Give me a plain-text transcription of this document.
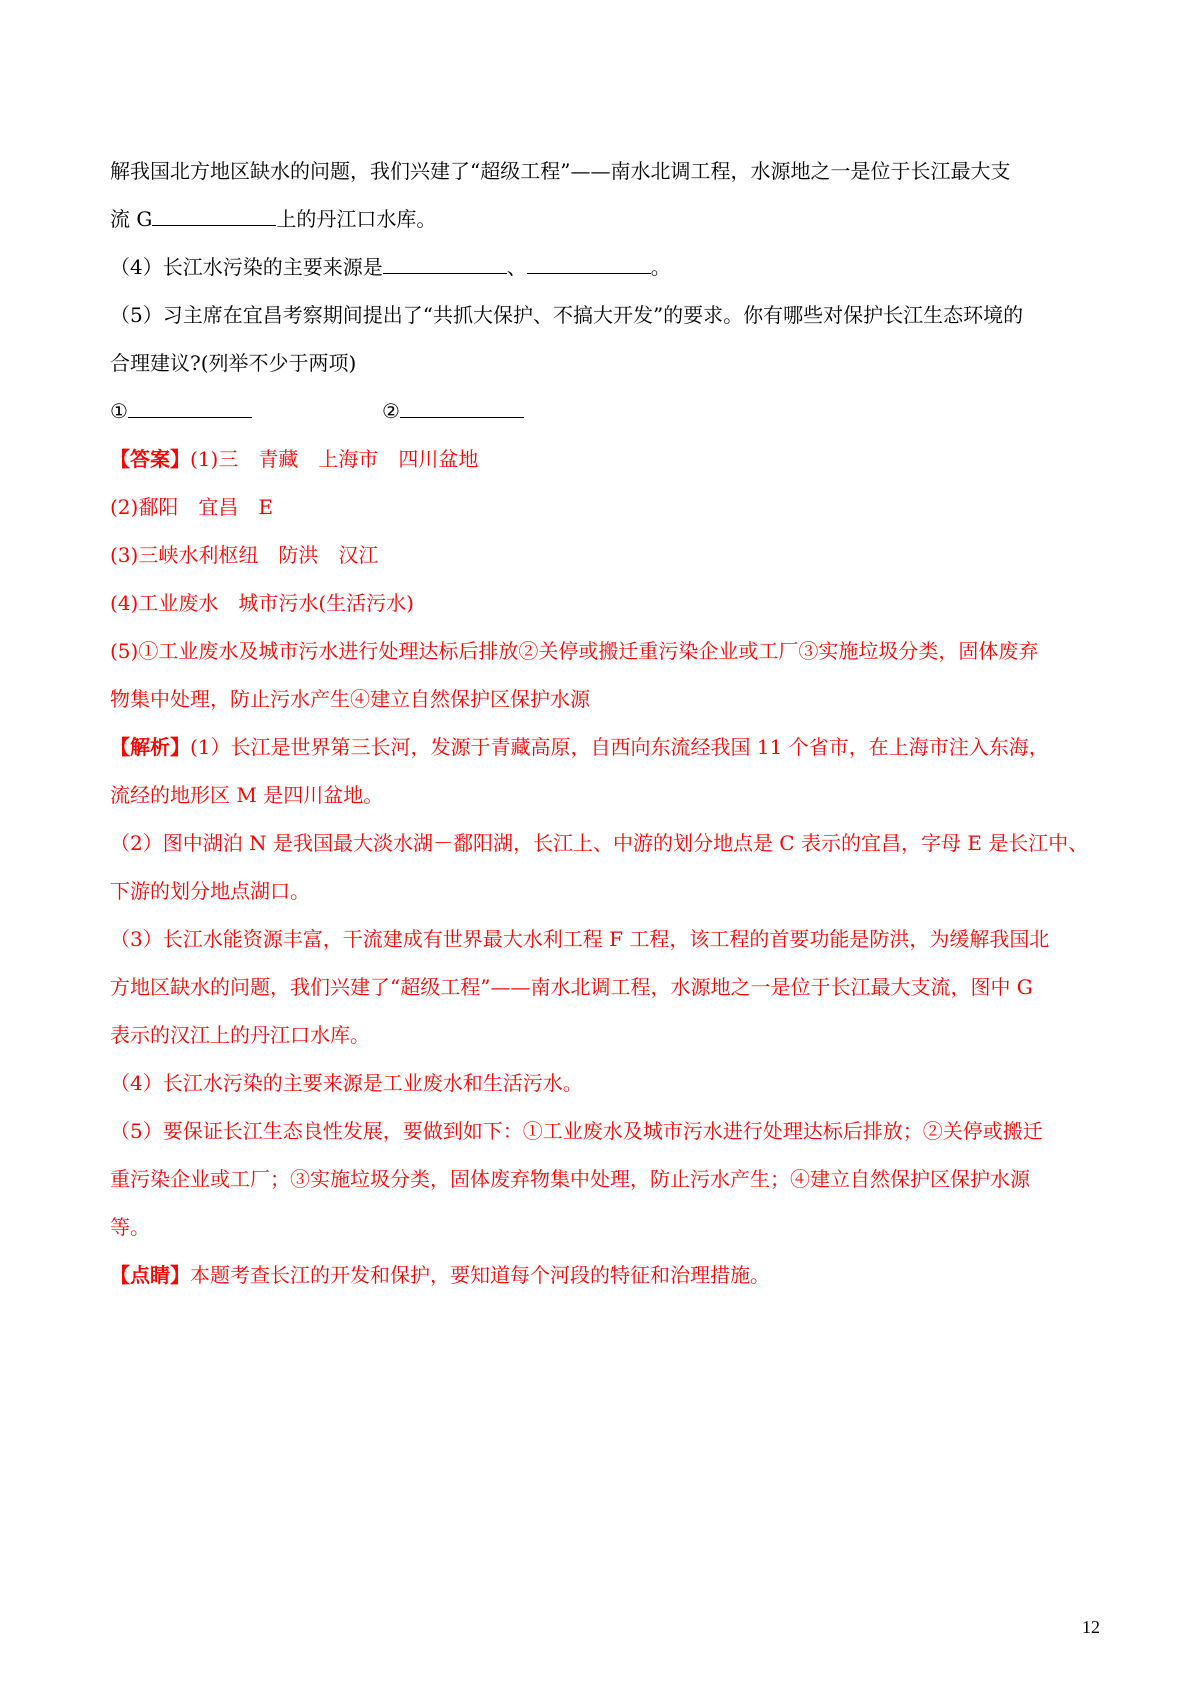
解我国北方地区缺水的问题，我们兴建了“超级工程”——南水北调工程，水源地之一是位于长江最大支
流 G	上的丹江口水库。
（4）长江水污染的主要来源是	、	。
（5）习主席在宜昌考察期间提出了“共抓大保护、不搞大开发”的要求。你有哪些对保护长江生态环境的
合理建议?(列举不少于两项)
①	②
【答案】(1)三　青藏　上海市　四川盆地
(2)鄱阳　宜昌　E
(3)三峡水利枢纽　防洪　汉江
(4)工业废水　城市污水(生活污水)
(5)①工业废水及城市污水进行处理达标后排放②关停或搬迁重污染企业或工厂③实施垃圾分类，固体废弃
物集中处理，防止污水产生④建立自然保护区保护水源
【解析】(1）长江是世界第三长河，发源于青藏高原，自西向东流经我国 11 个省市，在上海市注入东海，
流经的地形区 M 是四川盆地。
（2）图中湖泊 N 是我国最大淡水湖－鄱阳湖，长江上、中游的划分地点是 C 表示的宜昌，字母 E 是长江中、
下游的划分地点湖口。
（3）长江水能资源丰富，干流建成有世界最大水利工程 F 工程，该工程的首要功能是防洪，为缓解我国北
方地区缺水的问题，我们兴建了“超级工程”——南水北调工程，水源地之一是位于长江最大支流，图中 G
表示的汉江上的丹江口水库。
（4）长江水污染的主要来源是工业废水和生活污水。
（5）要保证长江生态良性发展，要做到如下：①工业废水及城市污水进行处理达标后排放；②关停或搬迁
重污染企业或工厂；③实施垃圾分类，固体废弃物集中处理，防止污水产生；④建立自然保护区保护水源
等。
【点睛】本题考查长江的开发和保护，要知道每个河段的特征和治理措施。
12
